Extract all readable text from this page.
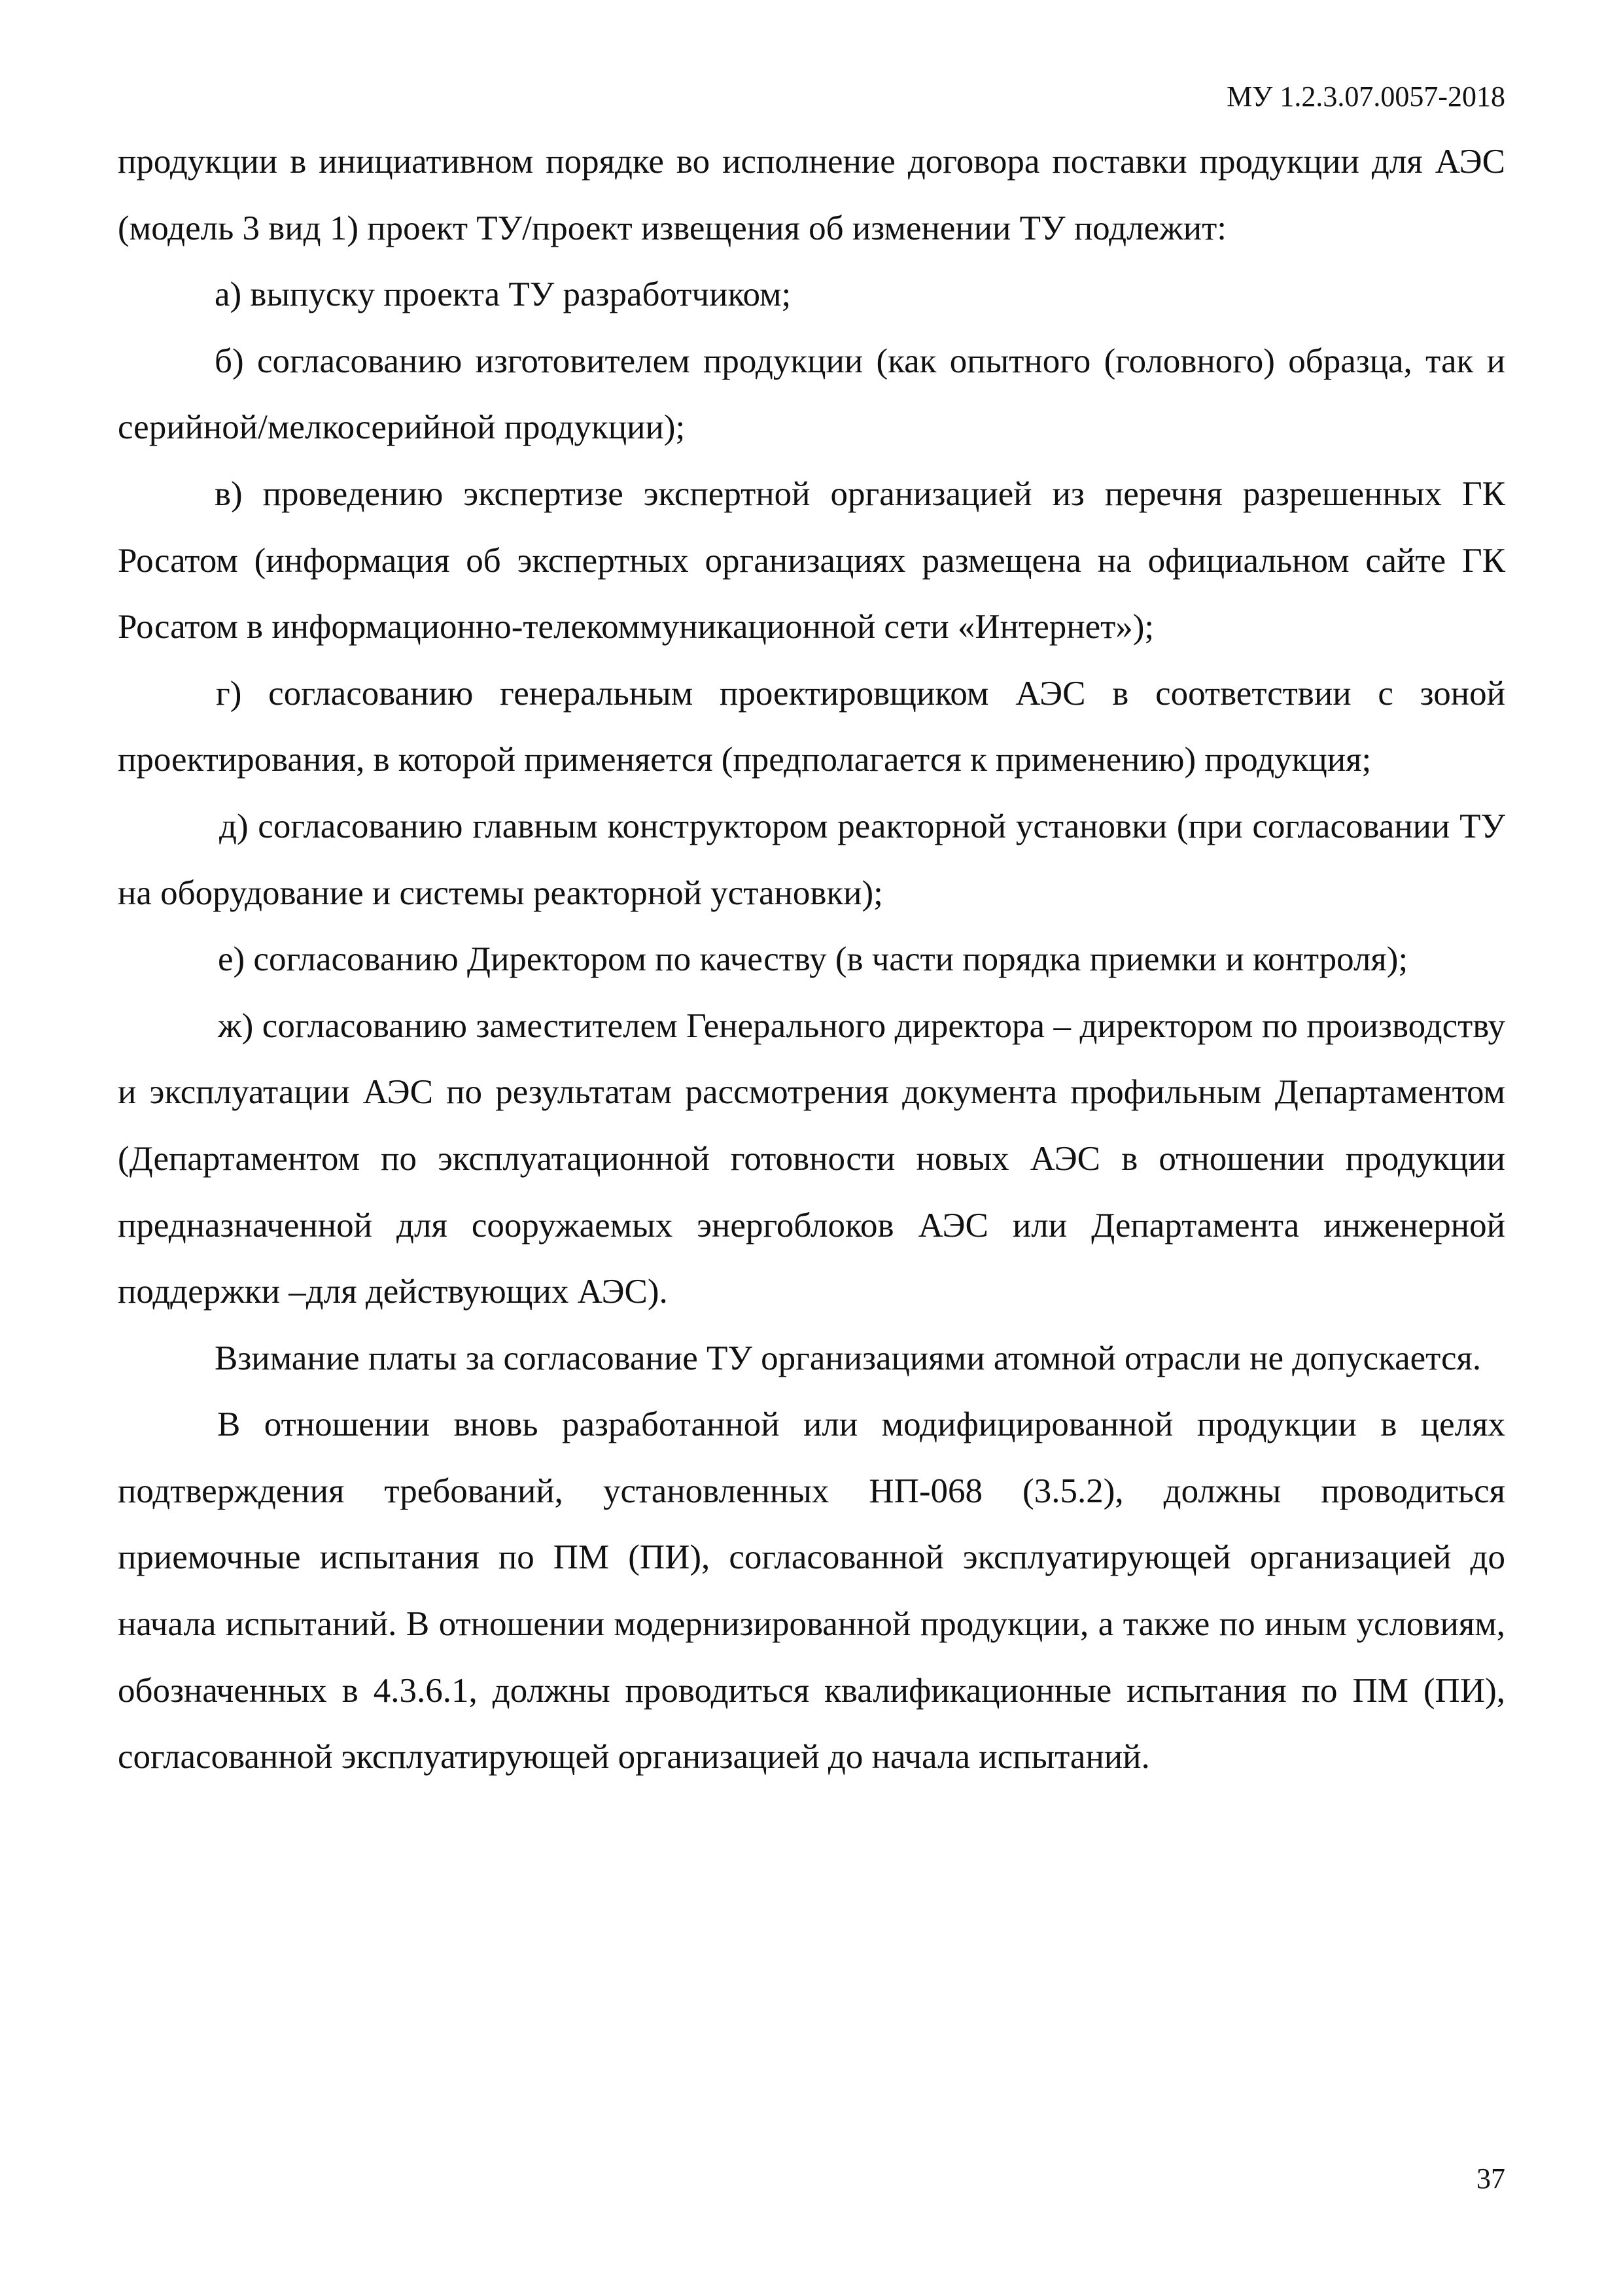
МУ 1.2.3.07.0057-2018

продукции в инициативном порядке во исполнение договора поставки продукции для АЭС (модель 3 вид 1) проект ТУ/проект извещения об изменении ТУ подлежит:

а) выпуску проекта ТУ разработчиком;

б) согласованию изготовителем продукции (как опытного (головного) образца, так и серийной/мелкосерийной продукции);

в) проведению экспертизе экспертной организацией из перечня разрешенных ГК Росатом (информация об экспертных организациях размещена на официальном сайте ГК Росатом в информационно-телекоммуникационной сети «Интернет»);

г) согласованию генеральным проектировщиком АЭС в соответствии с зоной проектирования, в которой применяется (предполагается к применению) продукция;

д) согласованию главным конструктором реакторной установки (при согласовании ТУ на оборудование и системы реакторной установки);

е) согласованию Директором по качеству (в части порядка приемки и контроля);

ж) согласованию заместителем Генерального директора – директором по производству и эксплуатации АЭС по результатам рассмотрения документа профильным Департаментом (Департаментом по эксплуатационной готовности новых АЭС в отношении продукции предназначенной для сооружаемых энергоблоков АЭС или Департамента инженерной поддержки –для действующих АЭС).

Взимание платы за согласование ТУ организациями атомной отрасли не допускается.

В отношении вновь разработанной или модифицированной продукции в целях подтверждения требований, установленных НП-068 (3.5.2), должны проводиться приемочные испытания по ПМ (ПИ), согласованной эксплуатирующей организацией до начала испытаний. В отношении модернизированной продукции, а также по иным условиям, обозначенных в 4.3.6.1, должны проводиться квалификационные испытания по ПМ (ПИ), согласованной эксплуатирующей организацией до начала испытаний.

37
